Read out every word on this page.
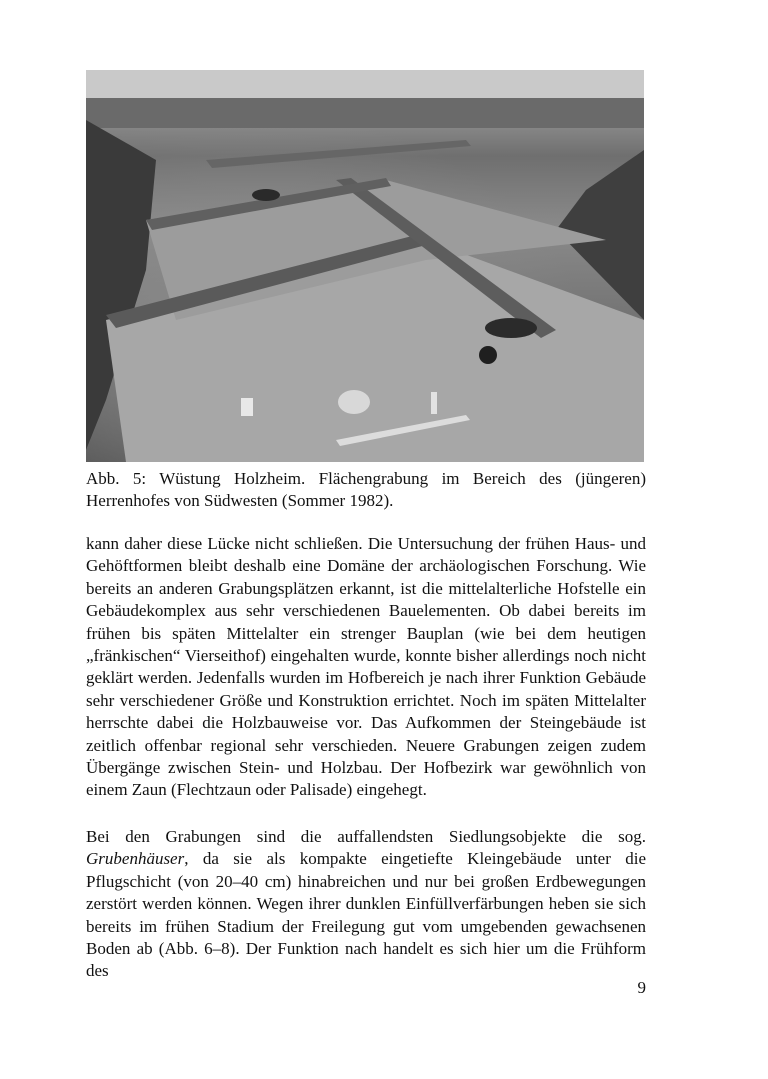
Abb. 5: Wüstung Holzheim. Flächengrabung im Bereich des (jüngeren) Herrenhofes von Südwesten (Sommer 1982).

kann daher diese Lücke nicht schließen. Die Untersuchung der frühen Haus- und Gehöftformen bleibt deshalb eine Domäne der archäologischen Forschung. Wie bereits an anderen Grabungsplätzen erkannt, ist die mittelalterliche Hofstelle ein Gebäudekomplex aus sehr verschiedenen Bauelementen. Ob dabei bereits im frühen bis späten Mittelalter ein strenger Bauplan (wie bei dem heutigen „fränkischen“ Vierseithof) eingehalten wurde, konnte bisher allerdings noch nicht geklärt werden. Jedenfalls wurden im Hofbereich je nach ihrer Funktion Gebäude sehr verschiedener Größe und Konstruktion errichtet. Noch im späten Mittelalter herrschte dabei die Holzbauweise vor. Das Aufkommen der Steingebäude ist zeitlich offenbar regional sehr verschieden. Neuere Grabungen zeigen zudem Übergänge zwischen Stein- und Holzbau. Der Hofbezirk war gewöhnlich von einem Zaun (Flechtzaun oder Palisade) eingehegt.

Bei den Grabungen sind die auffallendsten Siedlungsobjekte die sog. Grubenhäuser, da sie als kompakte eingetiefte Kleingebäude unter die Pflugschicht (von 20–40 cm) hinabreichen und nur bei großen Erdbewegungen zerstört werden können. Wegen ihrer dunklen Einfüllverfärbungen heben sie sich bereits im frühen Stadium der Freilegung gut vom umgebenden gewachsenen Boden ab (Abb. 6–8). Der Funktion nach handelt es sich hier um die Frühform des

9
